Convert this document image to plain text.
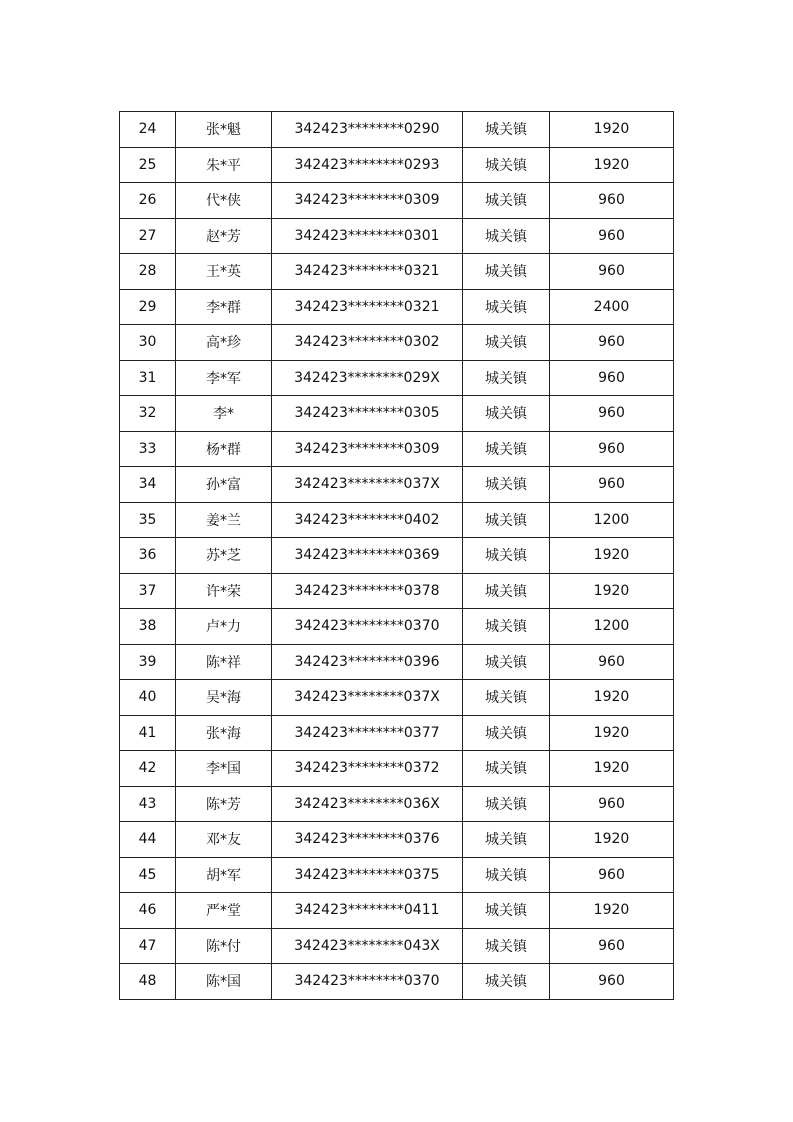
24	张*魁	342423********0290	城关镇	1920
25	朱*平	342423********0293	城关镇	1920
26	代*侠	342423********0309	城关镇	960
27	赵*芳	342423********0301	城关镇	960
28	王*英	342423********0321	城关镇	960
29	李*群	342423********0321	城关镇	2400
30	高*珍	342423********0302	城关镇	960
31	李*军	342423********029X	城关镇	960
32	李*	342423********0305	城关镇	960
33	杨*群	342423********0309	城关镇	960
34	孙*富	342423********037X	城关镇	960
35	姜*兰	342423********0402	城关镇	1200
36	苏*芝	342423********0369	城关镇	1920
37	许*荣	342423********0378	城关镇	1920
38	卢*力	342423********0370	城关镇	1200
39	陈*祥	342423********0396	城关镇	960
40	吴*海	342423********037X	城关镇	1920
41	张*海	342423********0377	城关镇	1920
42	李*国	342423********0372	城关镇	1920
43	陈*芳	342423********036X	城关镇	960
44	邓*友	342423********0376	城关镇	1920
45	胡*军	342423********0375	城关镇	960
46	严*堂	342423********0411	城关镇	1920
47	陈*付	342423********043X	城关镇	960
48	陈*国	342423********0370	城关镇	960
